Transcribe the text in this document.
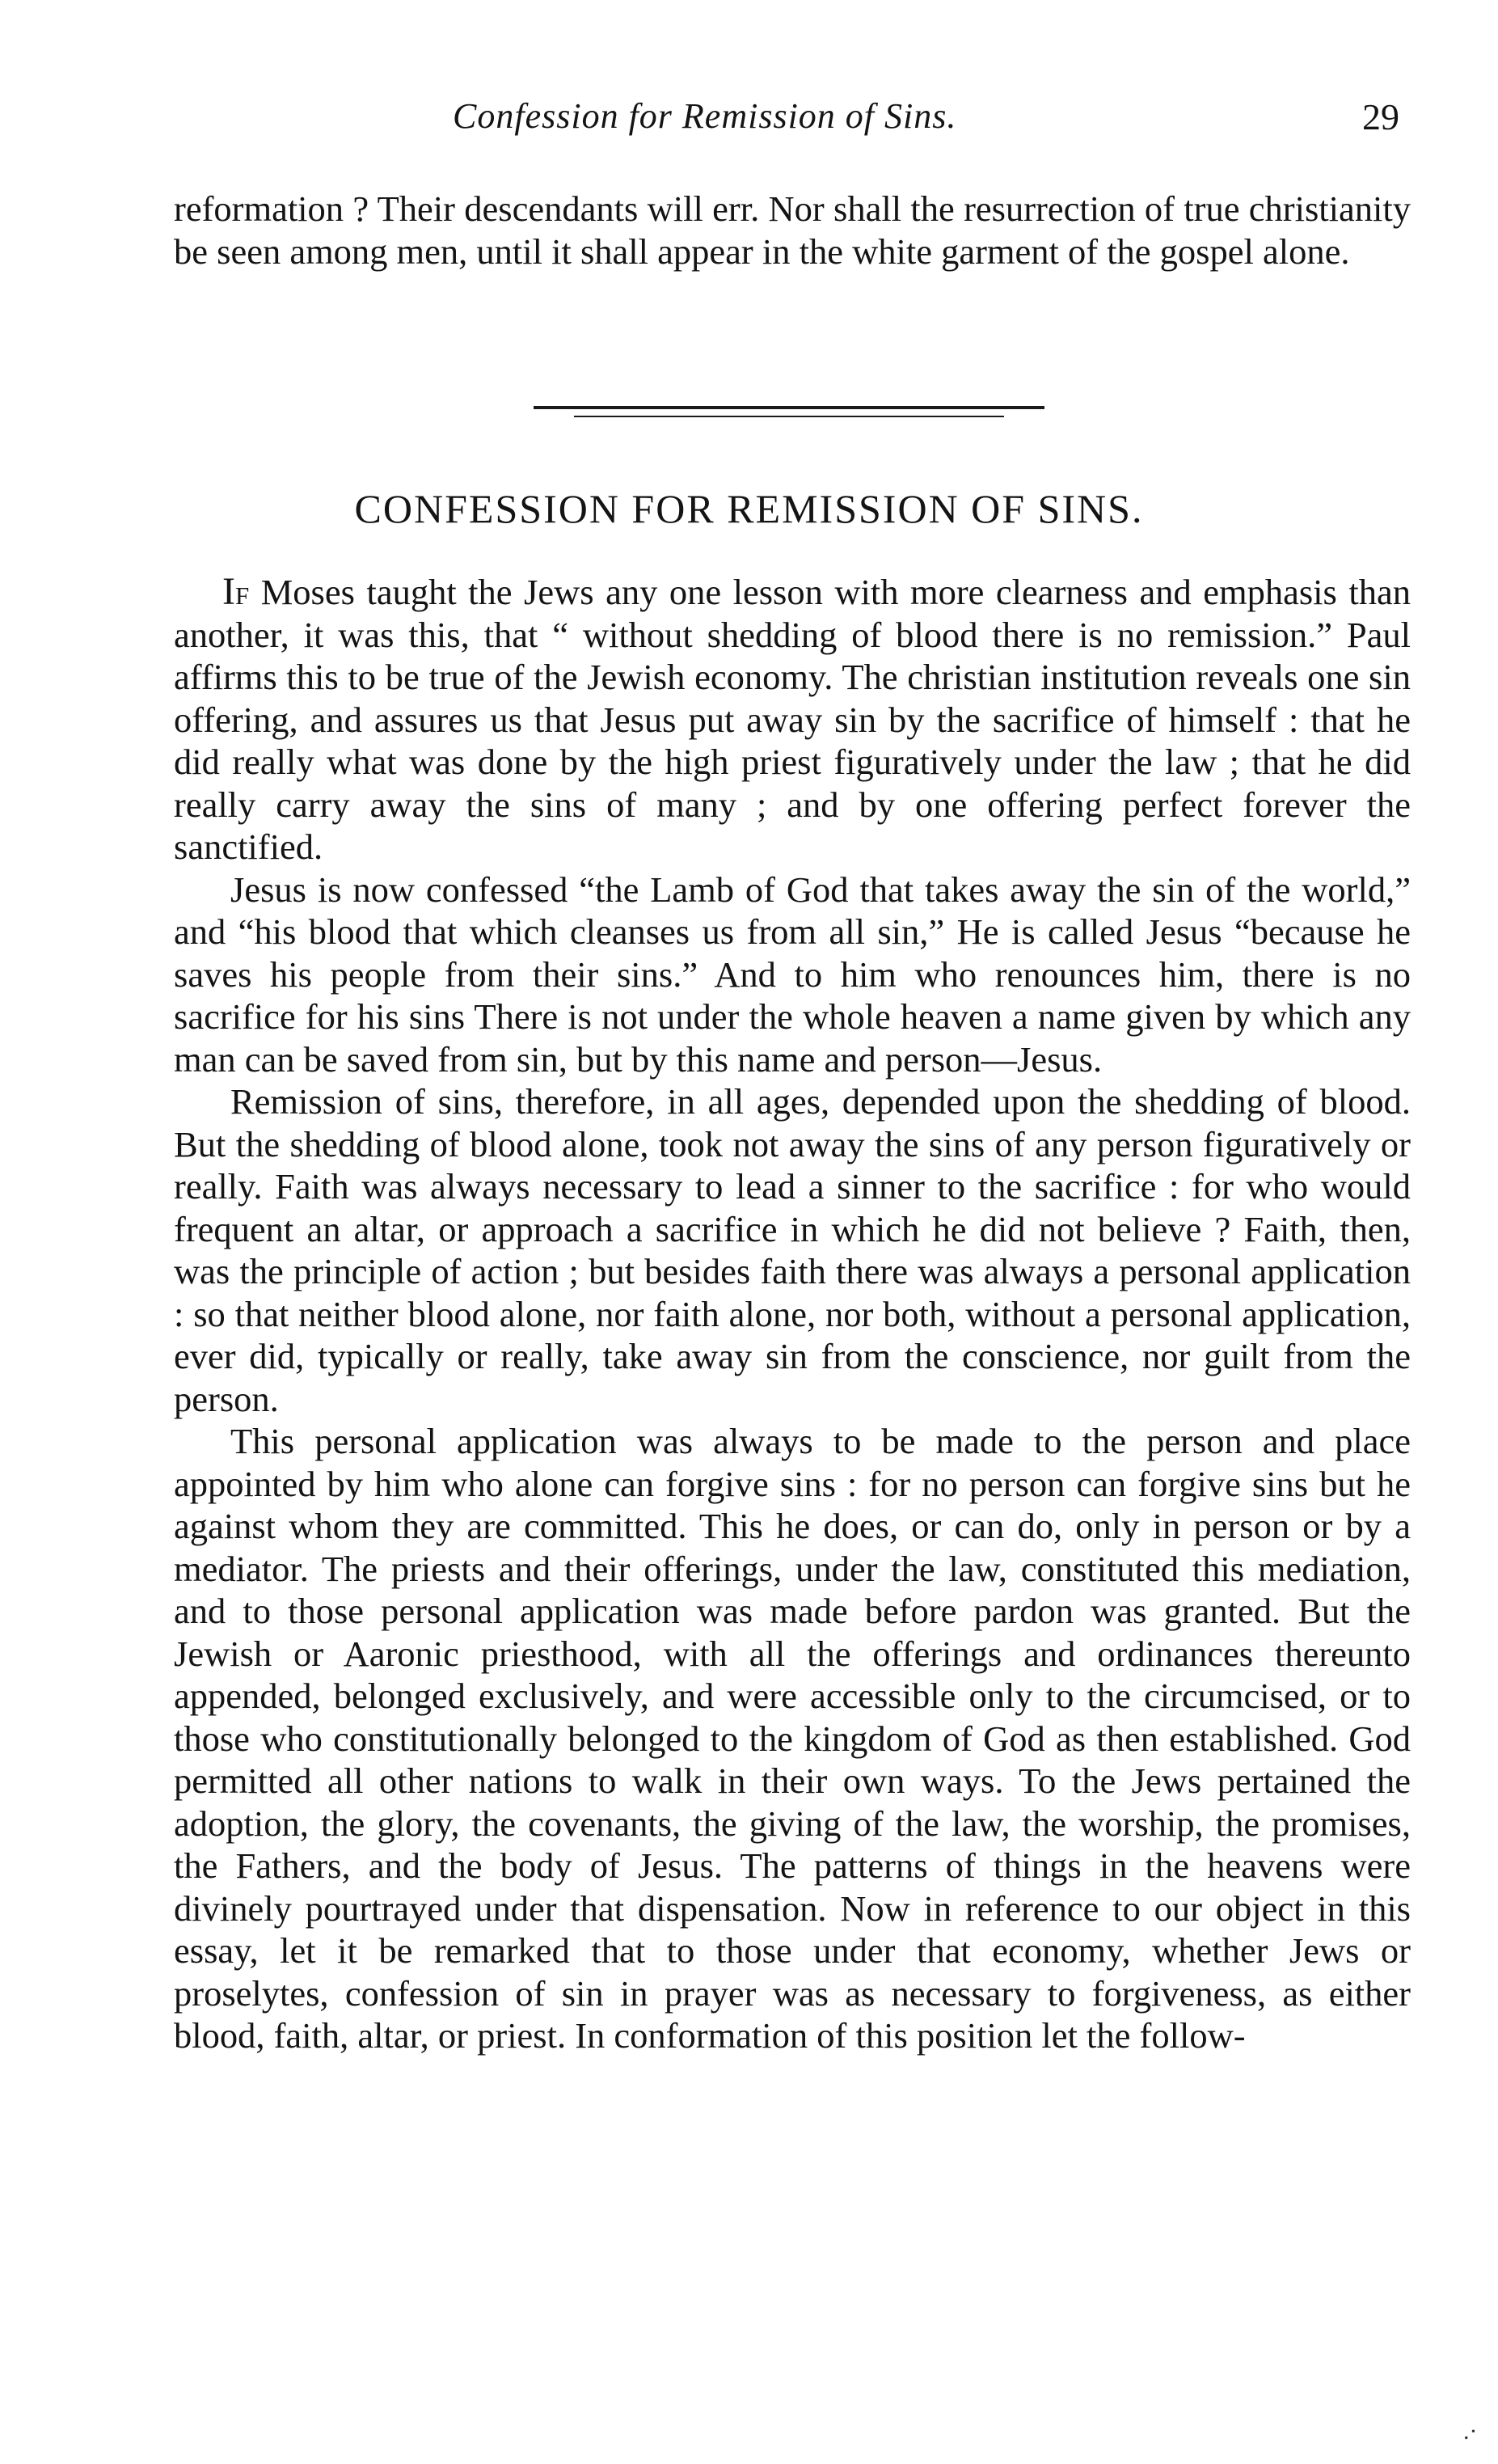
Confession for Remission of Sins.	29

reformation ? Their descendants will err. Nor shall the resurrection of true christianity be seen among men, until it shall appear in the white garment of the gospel alone.

CONFESSION FOR REMISSION OF SINS.

If Moses taught the Jews any one lesson with more clearness and emphasis than another, it was this, that “ without shedding of blood there is no remission.” Paul affirms this to be true of the Jewish economy. The christian institution reveals one sin offering, and assures us that Jesus put away sin by the sacrifice of himself : that he did really what was done by the high priest figuratively under the law ; that he did really carry away the sins of many ; and by one offering perfect forever the sanctified.

Jesus is now confessed “the Lamb of God that takes away the sin of the world,” and “his blood that which cleanses us from all sin,” He is called Jesus “because he saves his people from their sins.” And to him who renounces him, there is no sacrifice for his sins There is not under the whole heaven a name given by which any man can be saved from sin, but by this name and person—Jesus.

Remission of sins, therefore, in all ages, depended upon the shedding of blood. But the shedding of blood alone, took not away the sins of any person figuratively or really. Faith was always necessary to lead a sinner to the sacrifice : for who would frequent an altar, or approach a sacrifice in which he did not believe ? Faith, then, was the principle of action ; but besides faith there was always a personal application : so that neither blood alone, nor faith alone, nor both, without a personal application, ever did, typically or really, take away sin from the conscience, nor guilt from the person.

This personal application was always to be made to the person and place appointed by him who alone can forgive sins : for no person can forgive sins but he against whom they are committed. This he does, or can do, only in person or by a mediator. The priests and their offerings, under the law, constituted this mediation, and to those personal application was made before pardon was granted. But the Jewish or Aaronic priesthood, with all the offerings and ordinances thereunto appended, belonged exclusively, and were accessible only to the circumcised, or to those who constitutionally belonged to the kingdom of God as then established. God permitted all other nations to walk in their own ways. To the Jews pertained the adoption, the glory, the covenants, the giving of the law, the worship, the promises, the Fathers, and the body of Jesus. The patterns of things in the heavens were divinely pourtrayed under that dispensation. Now in reference to our object in this essay, let it be remarked that to those under that economy, whether Jews or proselytes, confession of sin in prayer was as necessary to forgiveness, as either blood, faith, altar, or priest. In conformation of this position let the follow-

.·
